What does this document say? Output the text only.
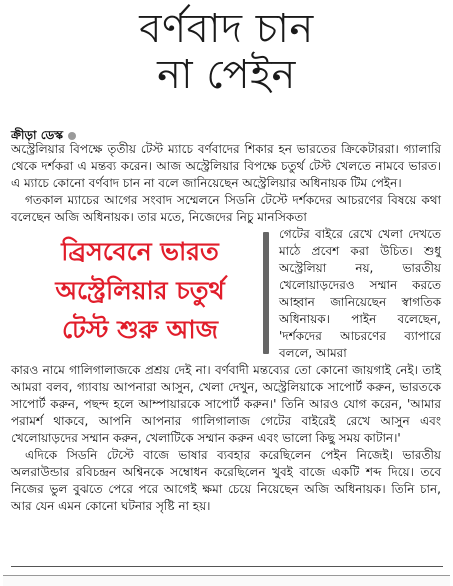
বর্ণবাদ চান
না পেইন
ক্রীড়া ডেস্ক

অস্ট্রেলিয়ার বিপক্ষে তৃতীয় টেস্ট ম্যাচে বর্ণবাদের শিকার হন ভারতের ক্রিকেটাররা। গ্যালারি থেকে দর্শকরা এ মন্তব্য করেন। আজ অস্ট্রেলিয়ার বিপক্ষে চতুর্থ টেস্ট খেলতে নামবে ভারত। এ ম্যাচে কোনো বর্ণবাদ চান না বলে জানিয়েছেন অস্ট্রেলিয়ার অধিনায়ক টিম পেইন।

গতকাল ম্যাচের আগের সংবাদ সম্মেলনে সিডনি টেস্টে দর্শকদের আচরণের বিষয়ে কথা বলেছেন অজি অধিনায়ক। তার মতে, নিজেদের নিচু মানসিকতা

ব্রিসবেনে ভারত
অস্ট্রেলিয়ার চতুর্থ
টেস্ট শুরু আজ

গেটের বাইরে রেখে খেলা দেখতে মাঠে প্রবেশ করা উচিত। শুধু অস্ট্রেলিয়া নয়, ভারতীয় খেলোয়াড়দেরও সম্মান করতে আহ্বান জানিয়েছেন স্বাগতিক অধিনায়ক। পাইন বলেছেন, 'দর্শকদের আচরণের ব্যাপারে বললে, আমরা

কারও নামে গালিগালাজকে প্রশ্রয় দেই না। বর্ণবাদী মন্তব্যের তো কোনো জায়গাই নেই। তাই আমরা বলব, গ্যাবায় আপনারা আসুন, খেলা দেখুন, অস্ট্রেলিয়াকে সাপোর্ট করুন, ভারতকে সাপোর্ট করুন, পছন্দ হলে আম্পায়ারকে সাপোর্ট করুন।' তিনি আরও যোগ করেন, 'আমার পরামর্শ থাকবে, আপনি আপনার গালিগালাজ গেটের বাইরেই রেখে আসুন এবং খেলোয়াড়দের সম্মান করুন, খেলাটিকে সম্মান করুন এবং ভালো কিছু সময় কাটান।'

এদিকে সিডনি টেস্টে বাজে ভাষার ব্যবহার করেছিলেন পেইন নিজেই। ভারতীয় অলরাউন্ডার রবিচন্দ্রন অশ্বিনকে সম্বোধন করেছিলেন খুবই বাজে একটি শব্দ দিয়ে। তবে নিজের ভুল বুঝতে পেরে পরে আগেই ক্ষমা চেয়ে নিয়েছেন অজি অধিনায়ক। তিনি চান, আর যেন এমন কোনো ঘটনার সৃষ্টি না হয়।
